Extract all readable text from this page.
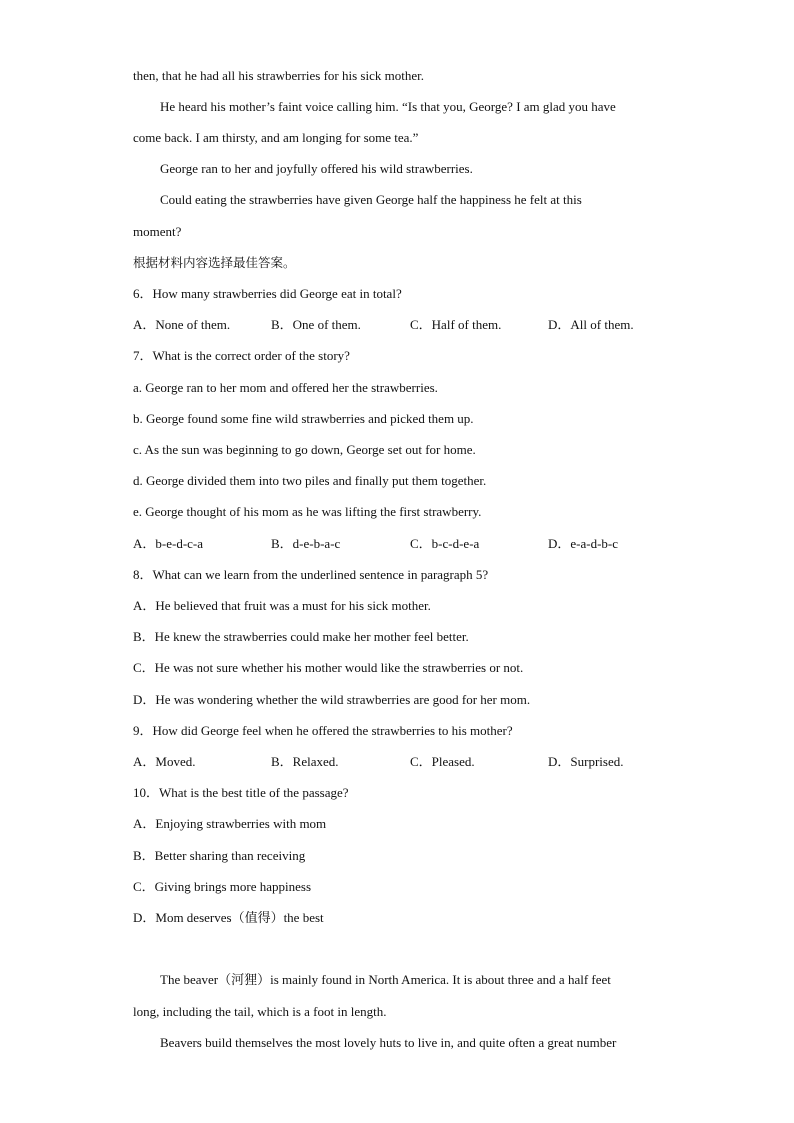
then, that he had all his strawberries for his sick mother.
He heard his mother’s faint voice calling him. “Is that you, George? I am glad you have
come back. I am thirsty, and am longing for some tea.”
George ran to her and joyfully offered his wild strawberries.
Could eating the strawberries have given George half the happiness he felt at this
moment?
根据材料内容选择最佳答案。
6．How many strawberries did George eat in total?
A．None of them.	B．One of them.	C．Half of them.	D．All of them.
7．What is the correct order of the story?
a. George ran to her mom and offered her the strawberries.
b. George found some fine wild strawberries and picked them up.
c. As the sun was beginning to go down, George set out for home.
d. George divided them into two piles and finally put them together.
e. George thought of his mom as he was lifting the first strawberry.
A．b-e-d-c-a	B．d-e-b-a-c	C．b-c-d-e-a	D．e-a-d-b-c
8．What can we learn from the underlined sentence in paragraph 5?
A．He believed that fruit was a must for his sick mother.
B．He knew the strawberries could make her mother feel better.
C．He was not sure whether his mother would like the strawberries or not.
D．He was wondering whether the wild strawberries are good for her mom.
9．How did George feel when he offered the strawberries to his mother?
A．Moved.	B．Relaxed.	C．Pleased.	D．Surprised.
10．What is the best title of the passage?
A．Enjoying strawberries with mom
B．Better sharing than receiving
C．Giving brings more happiness
D．Mom deserves（值得）the best
The beaver（河狸）is mainly found in North America. It is about three and a half feet
long, including the tail, which is a foot in length.
Beavers build themselves the most lovely huts to live in, and quite often a great number
